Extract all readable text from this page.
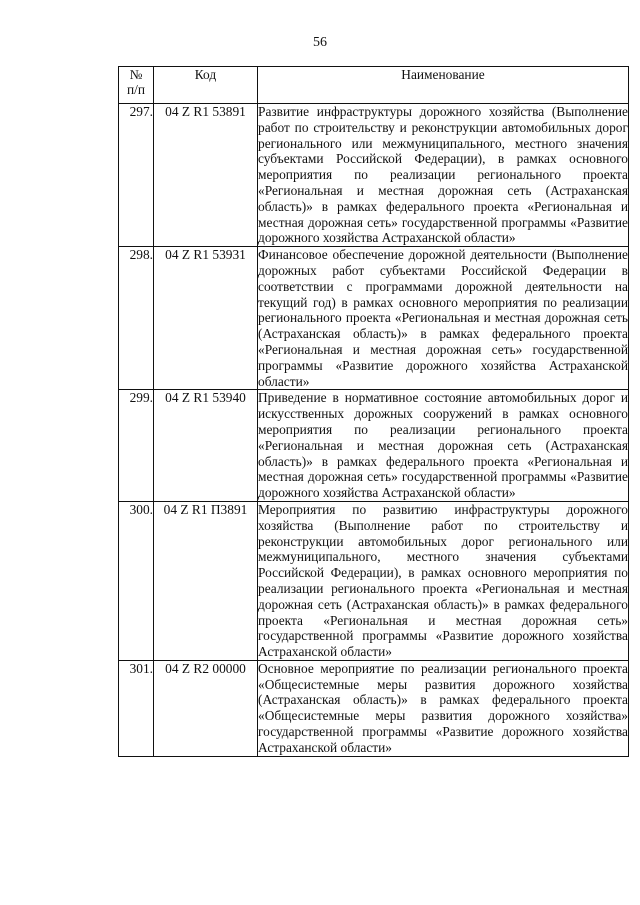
56
№
п/п	Код	Наименование
297.	04 Z R1 53891	Развитие инфраструктуры дорожного хозяйства (Выполнение работ по строительству и реконструкции автомобильных дорог регионального или межмуниципального, местного значения субъектами Российской Федерации), в рамках основного мероприятия по реализации регионального проекта «Региональная и местная дорожная сеть (Астраханская область)» в рамках федерального проекта «Региональная и местная дорожная сеть» государственной программы «Развитие дорожного хозяйства Астраханской области»
298.	04 Z R1 53931	Финансовое обеспечение дорожной деятельности (Выполнение дорожных работ субъектами Российской Федерации в соответствии с программами дорожной деятельности на текущий год) в рамках основного мероприятия по реализации регионального проекта «Региональная и местная дорожная сеть (Астраханская область)» в рамках федерального проекта «Региональная и местная дорожная сеть» государственной программы «Развитие дорожного хозяйства Астраханской области»
299.	04 Z R1 53940	Приведение в нормативное состояние автомобильных дорог и искусственных дорожных сооружений в рамках основного мероприятия по реализации регионального проекта «Региональная и местная дорожная сеть (Астраханская область)» в рамках федерального проекта «Региональная и местная дорожная сеть» государственной программы «Развитие дорожного хозяйства Астраханской области»
300.	04 Z R1 П3891	Мероприятия по развитию инфраструктуры дорожного хозяйства (Выполнение работ по строительству и реконструкции автомобильных дорог регионального или межмуниципального, местного значения субъектами Российской Федерации), в рамках основного мероприятия по реализации регионального проекта «Региональная и местная дорожная сеть (Астраханская область)» в рамках федерального проекта «Региональная и местная дорожная сеть» государственной программы «Развитие дорожного хозяйства Астраханской области»
301.	04 Z R2 00000	Основное мероприятие по реализации регионального проекта «Общесистемные меры развития дорожного хозяйства (Астраханская область)» в рамках федерального проекта «Общесистемные меры развития дорожного хозяйства» государственной программы «Развитие дорожного хозяйства Астраханской области»
